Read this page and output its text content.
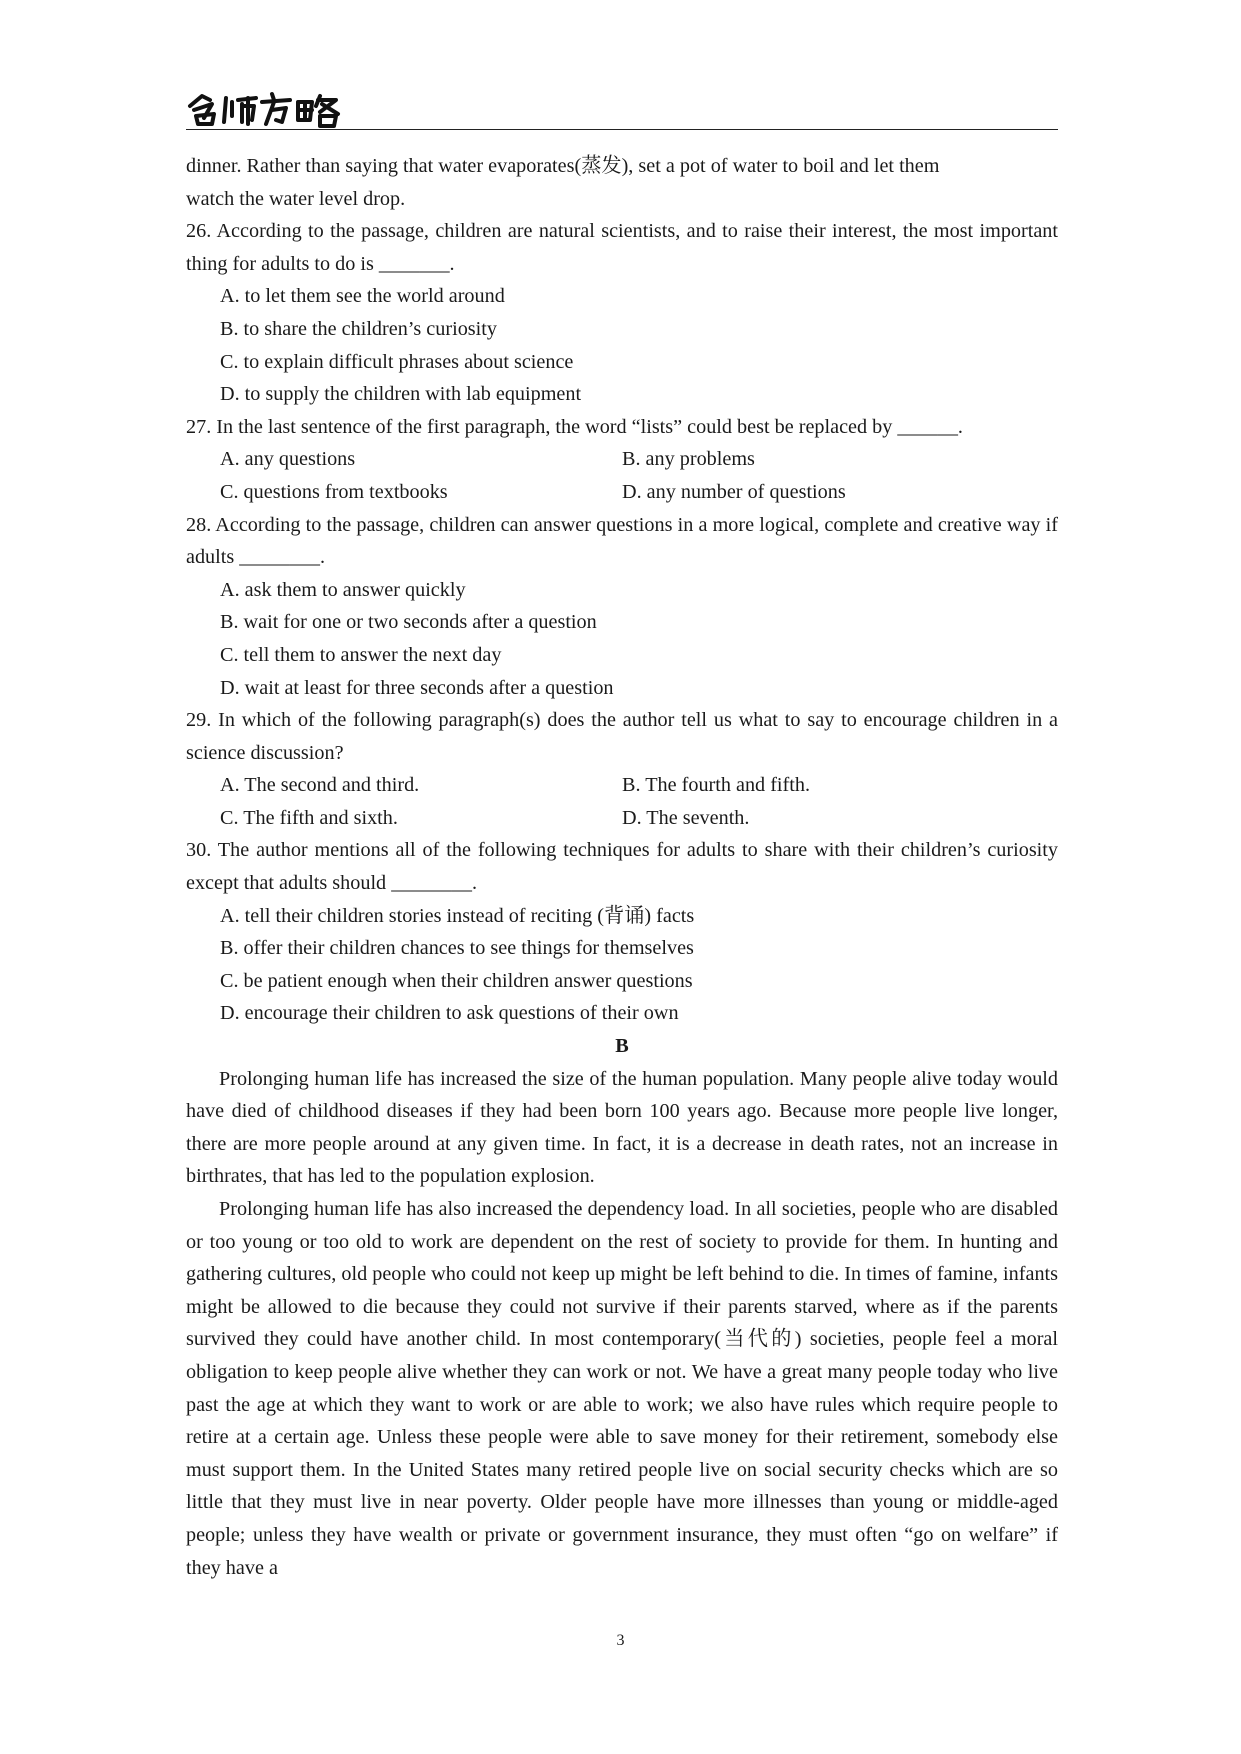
dinner. Rather than saying that water evaporates(蒸发), set a pot of water to boil and let them
watch the water level drop.
26. According to the passage, children are natural scientists, and to raise their interest, the most important thing for adults to do is _______.
A. to let them see the world around
B. to share the children’s curiosity
C. to explain difficult phrases about science
D. to supply the children with lab equipment
27. In the last sentence of the first paragraph, the word “lists” could best be replaced by ______.
A. any questions	B. any problems
C. questions from textbooks	D. any number of questions
28. According to the passage, children can answer questions in a more logical, complete and creative way if adults ________.
A. ask them to answer quickly
B. wait for one or two seconds after a question
C. tell them to answer the next day
D. wait at least for three seconds after a question
29. In which of the following paragraph(s) does the author tell us what to say to encourage children in a science discussion?
A. The second and third.	B. The fourth and fifth.
C. The fifth and sixth.	D. The seventh.
30. The author mentions all of the following techniques for adults to share with their children’s curiosity except that adults should ________.
A. tell their children stories instead of reciting (背诵) facts
B. offer their children chances to see things for themselves
C. be patient enough when their children answer questions
D. encourage their children to ask questions of their own
B
Prolonging human life has increased the size of the human population. Many people alive today would have died of childhood diseases if they had been born 100 years ago. Because more people live longer, there are more people around at any given time. In fact, it is a decrease in death rates, not an increase in birthrates, that has led to the population explosion.
Prolonging human life has also increased the dependency load. In all societies, people who are disabled or too young or too old to work are dependent on the rest of society to provide for them. In hunting and gathering cultures, old people who could not keep up might be left behind to die. In times of famine, infants might be allowed to die because they could not survive if their parents starved, where as if the parents survived they could have another child. In most contemporary(当代的) societies, people feel a moral obligation to keep people alive whether they can work or not. We have a great many people today who live past the age at which they want to work or are able to work; we also have rules which require people to retire at a certain age. Unless these people were able to save money for their retirement, somebody else must support them. In the United States many retired people live on social security checks which are so little that they must live in near poverty. Older people have more illnesses than young or middle-aged people; unless they have wealth or private or government insurance, they must often “go on welfare” if they have a
3
